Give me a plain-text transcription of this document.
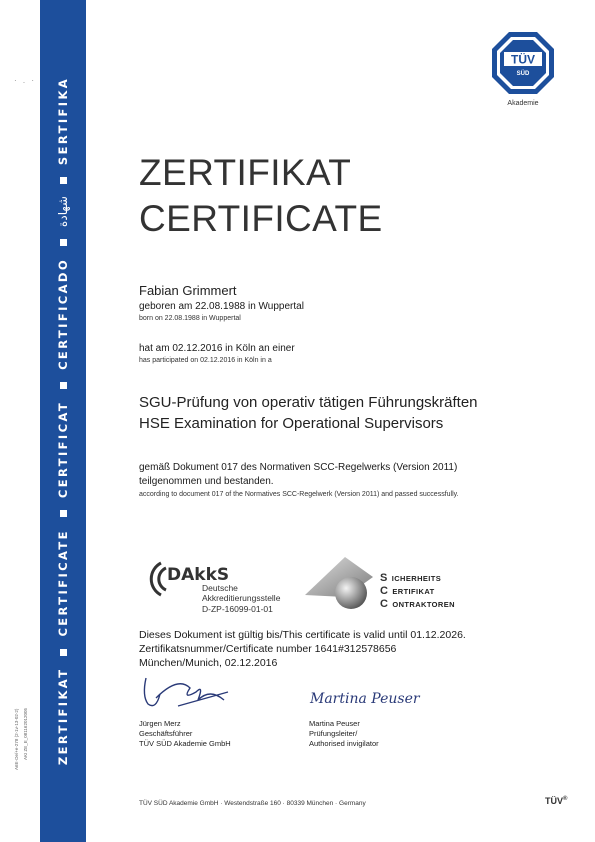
· . ·
A6E-Oe/+e-278 (2-1v-13-02-2) AKI ZE_E_081162012005 ZERTIFIKAT
CERTIFICATE
CERTIFICAT
CERTIFICADO
شهادة
SERTIFIKA
TÜV
SÜD
Akademie
ZERTIFIKAT
CERTIFICATE
Fabian Grimmert
geboren am 22.08.1988 in Wuppertal
born on 22.08.1988 in Wuppertal
hat am 02.12.2016 in Köln an einer
has participated on 02.12.2016 in Köln in a
SGU-Prüfung von operativ tätigen Führungskräften
HSE Examination for Operational Supervisors
gemäß Dokument 017 des Normativen SCC-Regelwerks (Version 2011)
teilgenommen und bestanden.
according to document 017 of the Normatives SCC-Regelwerk (Version 2011) and passed successfully.
DAkkS
Deutsche
Akkreditierungsstelle
D-ZP-16099-01-01
S ICHERHEITS
C ERTIFIKAT
C ONTRAKTOREN
Dieses Dokument ist gültig bis/This certificate is valid until 01.12.2026.
Zertifikatsnummer/Certificate number 1641#312578656
München/Munich, 02.12.2016
Martina Peuser
Jürgen Merz
Geschäftsführer
TÜV SÜD Akademie GmbH
Martina Peuser
Prüfungsleiter/
Authorised invigilator
TÜV SÜD Akademie GmbH · Westendstraße 160 · 80339 München · Germany	TÜV®
